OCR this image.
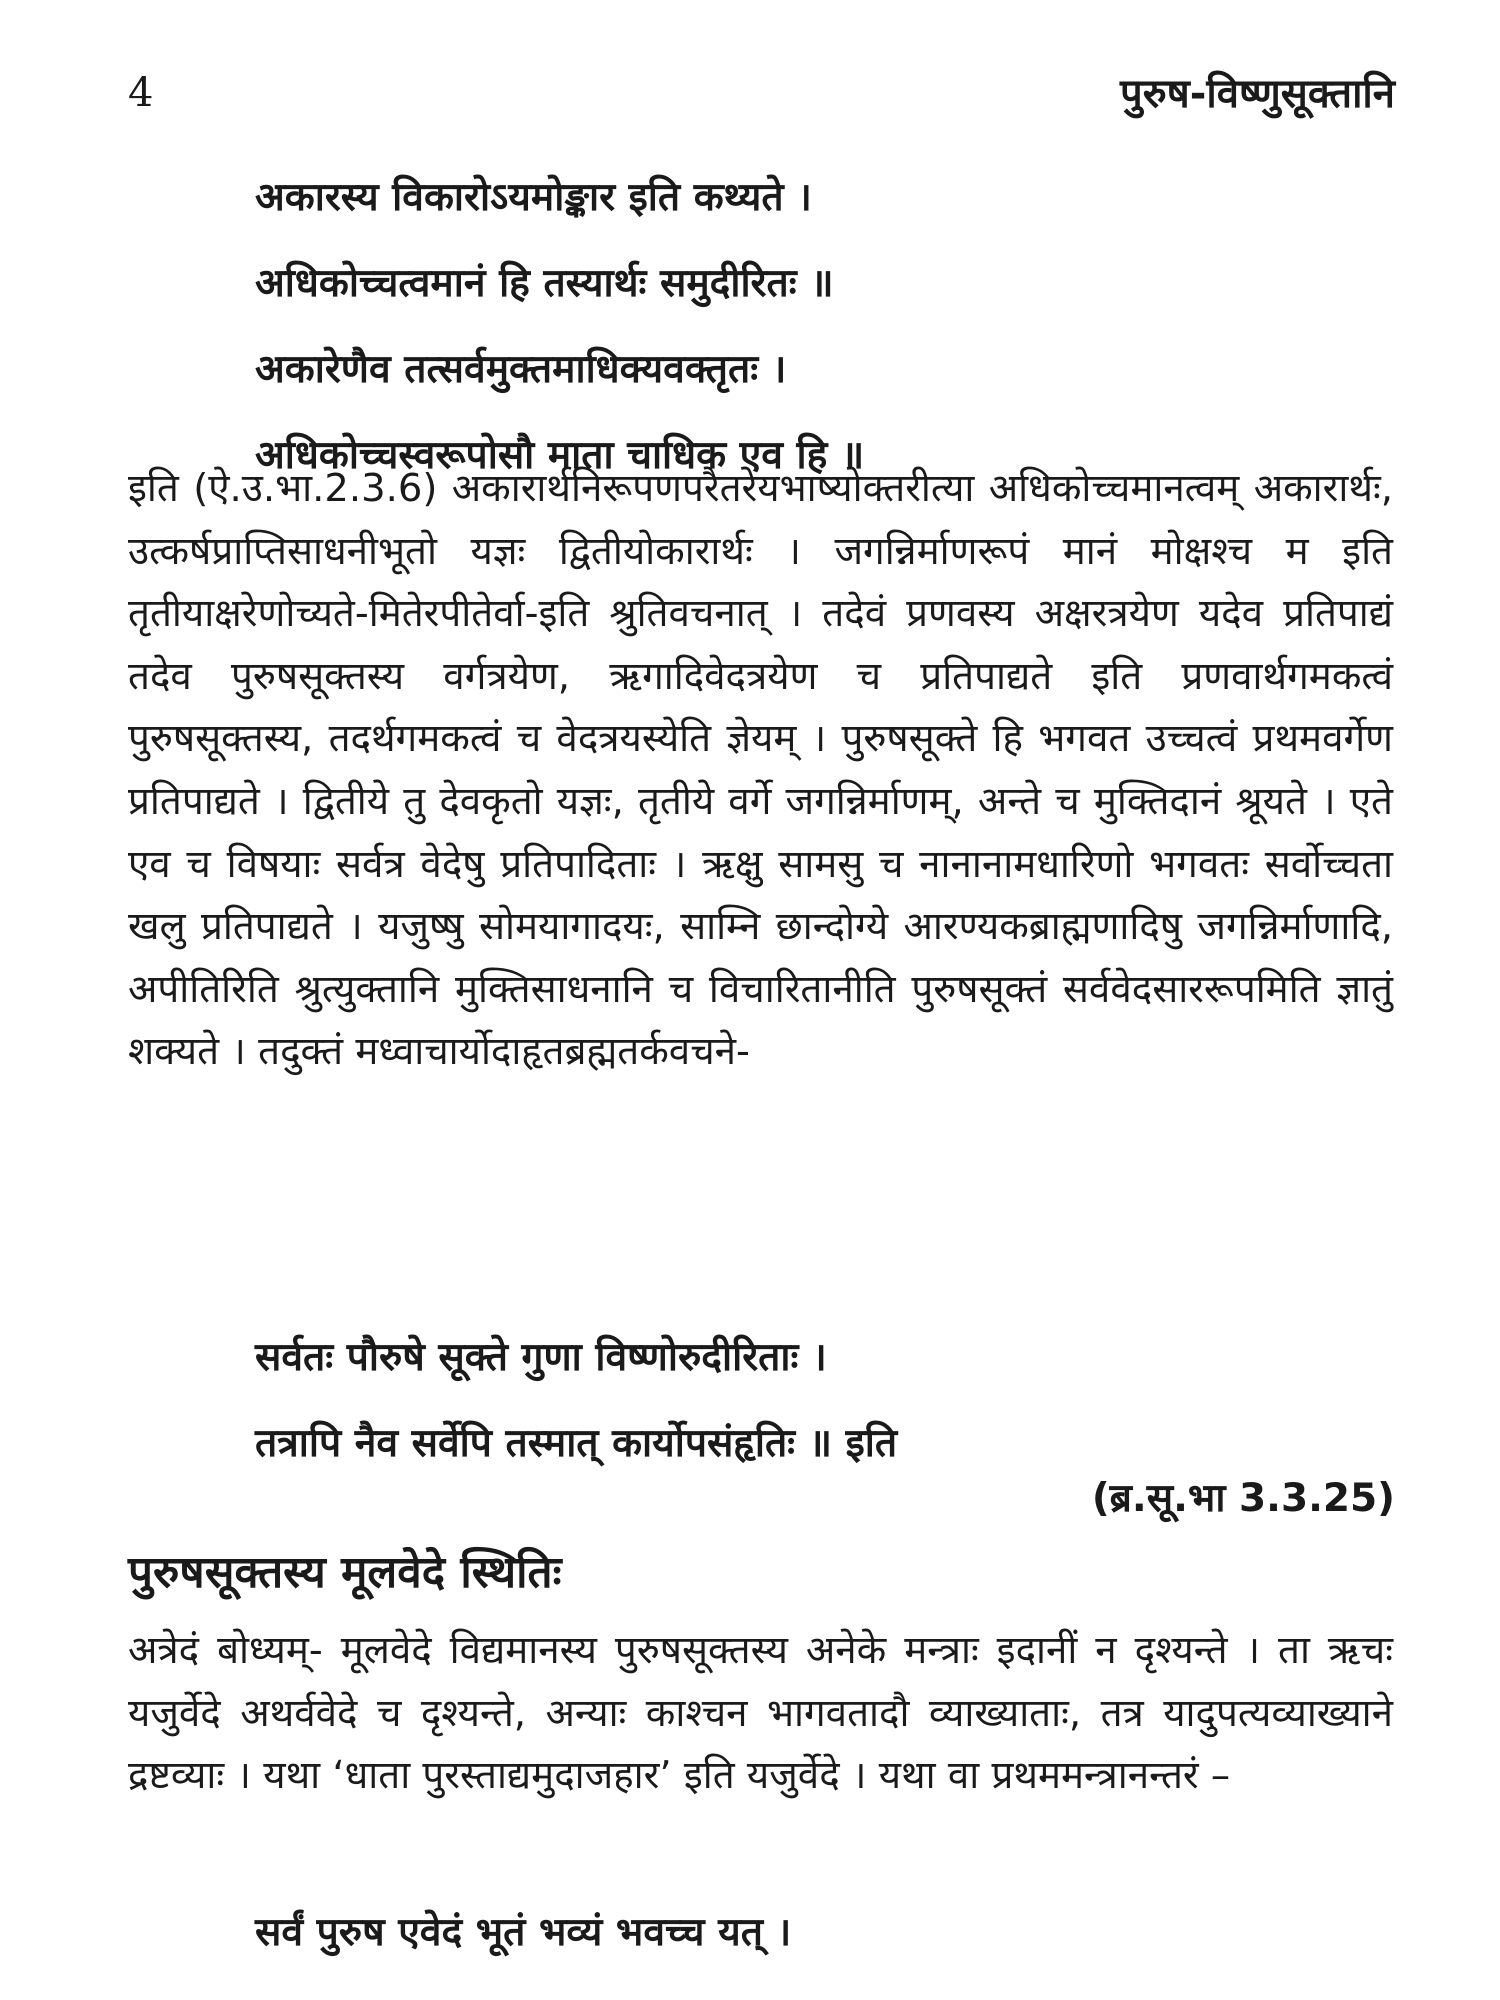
4	पुरुष-विष्णुसूक्तानि
अकारस्य विकारोऽयमोङ्कार इति कथ्यते ।
अधिकोच्चत्वमानं हि तस्यार्थः समुदीरितः ॥
अकारेणैव तत्सर्वमुक्तमाधिक्यवक्तृतः ।
अधिकोच्चस्वरूपोसौ माता चाधिक एव हि ॥
इति (ऐ.उ.भा.2.3.6) अकारार्थनिरूपणपरैतरेयभाष्योक्तरीत्या अधिकोच्चमानत्वम् अकारार्थः, उत्कर्षप्राप्तिसाधनीभूतो यज्ञः द्वितीयोकारार्थः । जगन्निर्माणरूपं मानं मोक्षश्च म इति तृतीयाक्षरेणोच्यते-मितेरपीतेर्वा-इति श्रुतिवचनात् । तदेवं प्रणवस्य अक्षरत्रयेण यदेव प्रतिपाद्यं तदेव पुरुषसूक्तस्य वर्गत्रयेण, ऋगादिवेदत्रयेण च प्रतिपाद्यते इति प्रणवार्थगमकत्वं पुरुषसूक्तस्य, तदर्थगमकत्वं च वेदत्रयस्येति ज्ञेयम् । पुरुषसूक्ते हि भगवत उच्चत्वं प्रथमवर्गेण प्रतिपाद्यते । द्वितीये तु देवकृतो यज्ञः, तृतीये वर्गे जगन्निर्माणम्, अन्ते च मुक्तिदानं श्रूयते । एते एव च विषयाः सर्वत्र वेदेषु प्रतिपादिताः । ऋक्षु सामसु च नानानामधारिणो भगवतः सर्वोच्चता खलु प्रतिपाद्यते । यजुष्षु सोमयागादयः, साम्नि छान्दोग्ये आरण्यकब्राह्मणादिषु जगन्निर्माणादि, अपीतिरिति श्रुत्युक्तानि मुक्तिसाधनानि च विचारितानीति पुरुषसूक्तं सर्ववेदसाररूपमिति ज्ञातुं शक्यते । तदुक्तं मध्वाचार्योदाहृतब्रह्मतर्कवचने-
सर्वतः पौरुषे सूक्ते गुणा विष्णोरुदीरिताः ।
तत्रापि नैव सर्वेपि तस्मात् कार्योपसंहृतिः ॥ इति
(ब्र.सू.भा 3.3.25)
पुरुषसूक्तस्य मूलवेदे स्थितिः
अत्रेदं बोध्यम्- मूलवेदे विद्यमानस्य पुरुषसूक्तस्य अनेके मन्त्राः इदानीं न दृश्यन्ते । ता ऋचः यजुर्वेदे अथर्ववेदे च दृश्यन्ते, अन्याः काश्चन भागवतादौ व्याख्याताः, तत्र यादुपत्यव्याख्याने द्रष्टव्याः । यथा ‘धाता पुरस्ताद्यमुदाजहार’ इति यजुर्वेदे । यथा वा प्रथममन्त्रानन्तरं –
सर्वं पुरुष एवेदं भूतं भव्यं भवच्च यत् ।
